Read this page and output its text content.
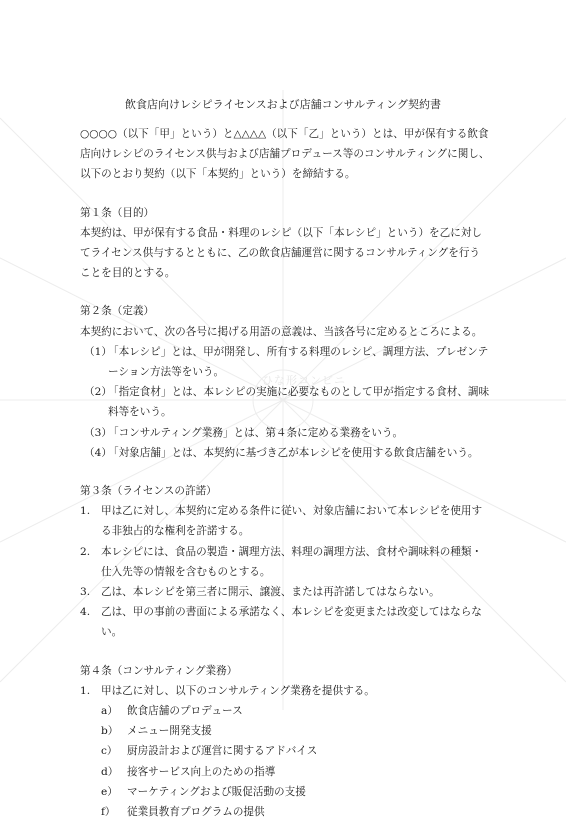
ひな形コンビニ
飲食店向けレシピライセンスおよび店舗コンサルティング契約書

○○○○（以下「甲」という）と△△△△（以下「乙」という）とは、甲が保有する飲食店向けレシピのライセンス供与および店舗プロデュース等のコンサルティングに関し、以下のとおり契約（以下「本契約」という）を締結する。

第１条（目的）
本契約は、甲が保有する食品・料理のレシピ（以下「本レシピ」という）を乙に対してライセンス供与するとともに、乙の飲食店舗運営に関するコンサルティングを行うことを目的とする。
第２条（定義）
本契約において、次の各号に掲げる用語の意義は、当該各号に定めるところによる。
（1）
「本レシピ」とは、甲が開発し、所有する料理のレシピ、調理方法、プレゼンテーション方法等をいう。
（2）
「指定食材」とは、本レシピの実施に必要なものとして甲が指定する食材、調味料等をいう。
（3）
「コンサルティング業務」とは、第４条に定める業務をいう。
（4）
「対象店舗」とは、本契約に基づき乙が本レシピを使用する飲食店舗をいう。
第３条（ライセンスの許諾）
1.	甲は乙に対し、本契約に定める条件に従い、対象店舗において本レシピを使用する非独占的な権利を許諾する。
2.	本レシピには、食品の製造・調理方法、料理の調理方法、食材や調味料の種類・仕入先等の情報を含むものとする。
3.	乙は、本レシピを第三者に開示、譲渡、または再許諾してはならない。
4.	乙は、甲の事前の書面による承諾なく、本レシピを変更または改変してはならない。
第４条（コンサルティング業務）
1.	甲は乙に対し、以下のコンサルティング業務を提供する。
a） 飲食店舗のプロデュース
b） メニュー開発支援
c） 厨房設計および運営に関するアドバイス
d） 接客サービス向上のための指導
e） マーケティングおよび販促活動の支援
f）	従業員教育プログラムの提供
